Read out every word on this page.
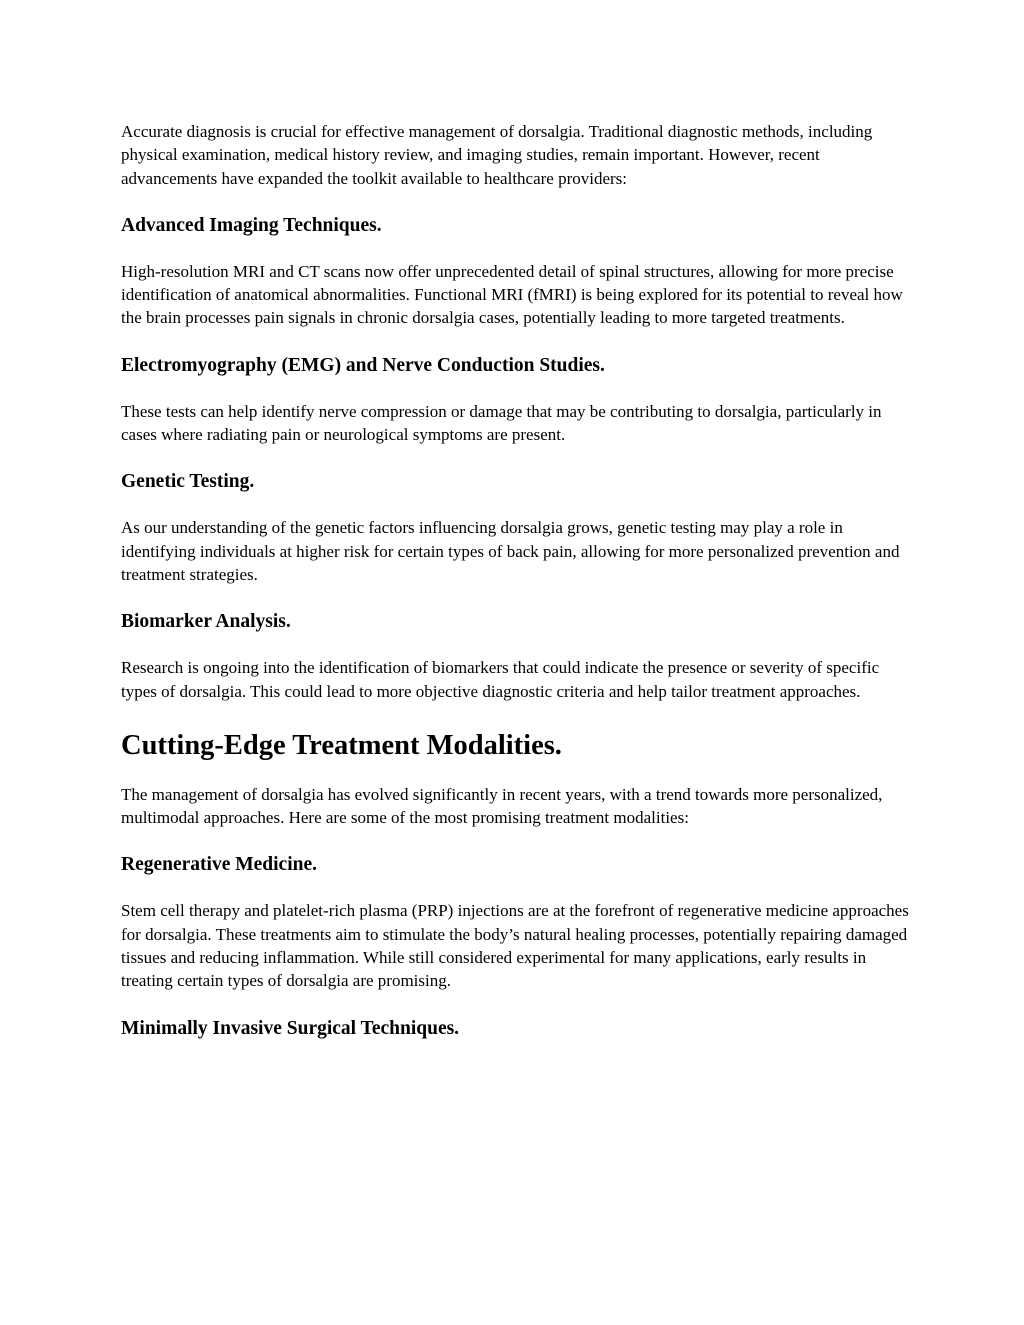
Accurate diagnosis is crucial for effective management of dorsalgia. Traditional diagnostic methods, including physical examination, medical history review, and imaging studies, remain important. However, recent advancements have expanded the toolkit available to healthcare providers:

Advanced Imaging Techniques.

High-resolution MRI and CT scans now offer unprecedented detail of spinal structures, allowing for more precise identification of anatomical abnormalities. Functional MRI (fMRI) is being explored for its potential to reveal how the brain processes pain signals in chronic dorsalgia cases, potentially leading to more targeted treatments.

Electromyography (EMG) and Nerve Conduction Studies.

These tests can help identify nerve compression or damage that may be contributing to dorsalgia, particularly in cases where radiating pain or neurological symptoms are present.

Genetic Testing.

As our understanding of the genetic factors influencing dorsalgia grows, genetic testing may play a role in identifying individuals at higher risk for certain types of back pain, allowing for more personalized prevention and treatment strategies.

Biomarker Analysis.

Research is ongoing into the identification of biomarkers that could indicate the presence or severity of specific types of dorsalgia. This could lead to more objective diagnostic criteria and help tailor treatment approaches.

Cutting-Edge Treatment Modalities.

The management of dorsalgia has evolved significantly in recent years, with a trend towards more personalized, multimodal approaches. Here are some of the most promising treatment modalities:

Regenerative Medicine.

Stem cell therapy and platelet-rich plasma (PRP) injections are at the forefront of regenerative medicine approaches for dorsalgia. These treatments aim to stimulate the body’s natural healing processes, potentially repairing damaged tissues and reducing inflammation. While still considered experimental for many applications, early results in treating certain types of dorsalgia are promising.

Minimally Invasive Surgical Techniques.
